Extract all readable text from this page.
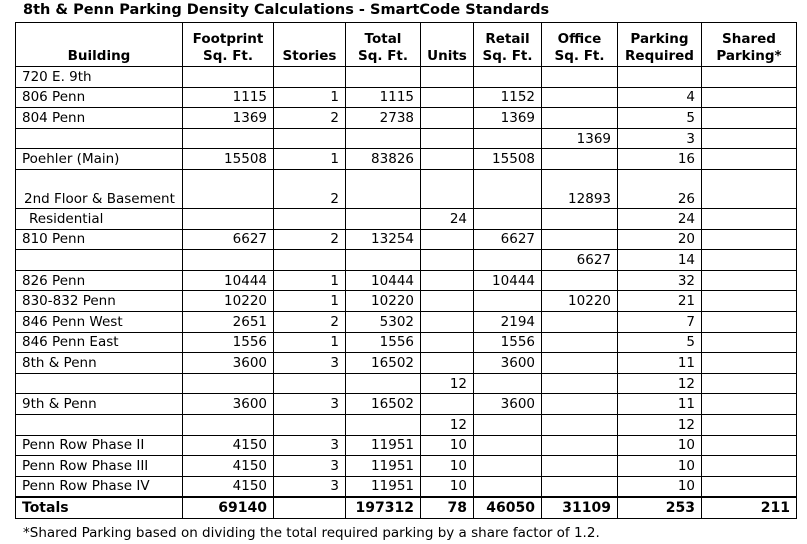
8th & Penn Parking Density Calculations - SmartCode Standards
Building	Footprint Sq. Ft.	Stories	Total Sq. Ft.	Units	Retail Sq. Ft.	Office Sq. Ft.	Parking Required	Shared Parking*
720 E. 9th								
806 Penn	1115	1	1115		1152		4	
804 Penn	1369	2	2738		1369		5	
						1369	3	
Poehler (Main)	15508	1	83826		15508		16	
2nd Floor & Basement		2				12893	26	
Residential				24			24	
810 Penn	6627	2	13254		6627		20	
						6627	14	
826 Penn	10444	1	10444		10444		32	
830-832 Penn	10220	1	10220			10220	21	
846 Penn West	2651	2	5302		2194		7	
846 Penn East	1556	1	1556		1556		5	
8th & Penn	3600	3	16502		3600		11	
				12			12	
9th & Penn	3600	3	16502		3600		11	
				12			12	
Penn Row Phase II	4150	3	11951	10			10	
Penn Row Phase III	4150	3	11951	10			10	
Penn Row Phase IV	4150	3	11951	10			10	
Totals	69140		197312	78	46050	31109	253	211
*Shared Parking based on dividing the total required parking by a share factor of 1.2.
